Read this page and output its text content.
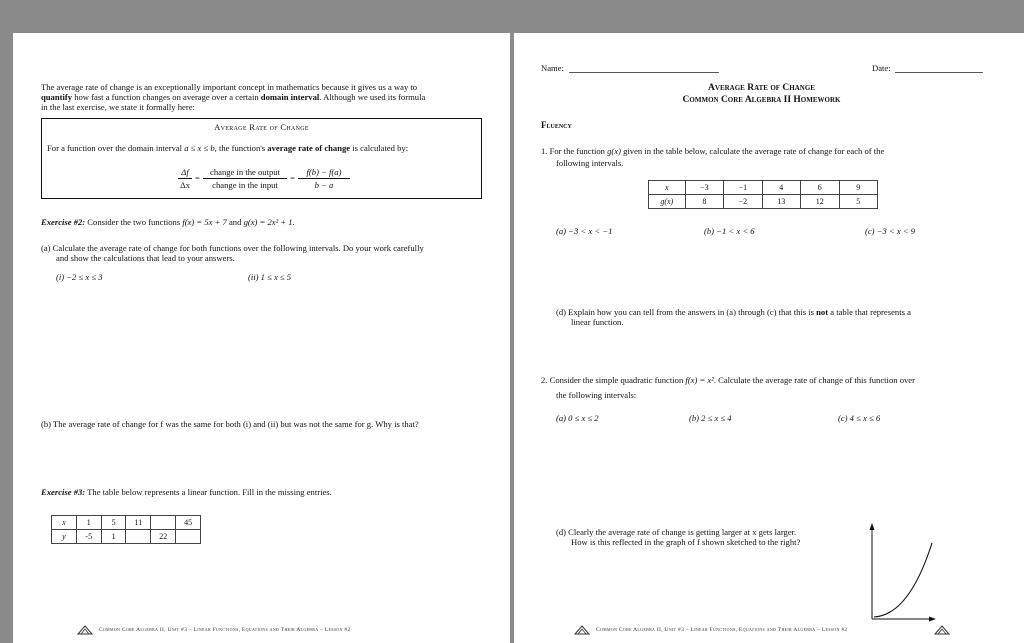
The average rate of change is an exceptionally important concept in mathematics because it gives us a way to
quantify how fast a function changes on average over a certain domain interval. Although we used its formula
in the last exercise, we state it formally here:
Average Rate of Change
For a function over the domain interval a ≤ x ≤ b, the function's average rate of change is calculated by:
Δf
Δx
=
change in the output
change in the input
=
f(b) − f(a)
b − a
Exercise #2: Consider the two functions f(x) = 5x + 7 and g(x) = 2x² + 1.
(a) Calculate the average rate of change for both functions over the following intervals. Do your work carefully
and show the calculations that lead to your answers.
(i) −2 ≤ x ≤ 3	(ii) 1 ≤ x ≤ 5
(b) The average rate of change for f was the same for both (i) and (ii) but was not the same for g. Why is that?
Exercise #3: The table below represents a linear function. Fill in the missing entries.
x	1	5	11		45
y	-5	1		22	
Common Core Algebra II, Unit #3 – Linear Functions, Equations and Their Algebra – Lesson #2
Name:	Date:
Average Rate of Change
Common Core Algebra II Homework
Fluency
1. For the function g(x) given in the table below, calculate the average rate of change for each of the
following intervals.
x	−3	−1	4	6	9
g(x)	8	−2	13	12	5
(a) −3 < x < −1	(b) −1 < x < 6	(c) −3 < x < 9
(d) Explain how you can tell from the answers in (a) through (c) that this is not a table that represents a
linear function.
2. Consider the simple quadratic function f(x) = x². Calculate the average rate of change of this function over
the following intervals:
(a) 0 ≤ x ≤ 2	(b) 2 ≤ x ≤ 4	(c) 4 ≤ x ≤ 6
(d) Clearly the average rate of change is getting larger at x gets larger.
How is this reflected in the graph of f shown sketched to the right?
Common Core Algebra II, Unit #3 – Linear Functions, Equations and Their Algebra – Lesson #2
